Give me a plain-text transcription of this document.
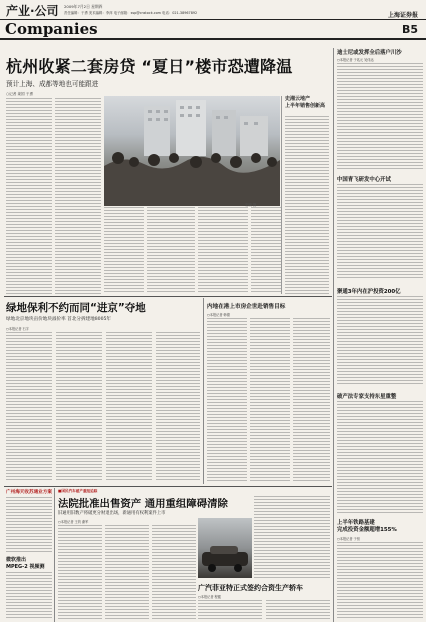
产业·公司 2009年7月2日 星期四
责任编辑：于勇 美术编辑：李萍 电子邮箱：ssp@cnstock.com 电话：021-38967892	上海证券报
Companies	B5
杭州收紧二套房贷 “夏日”楼市恐遭降温
预计上海、成都等地也可能跟进
○记者 姜国 于勇
史晓 摄
史湘云地产
上半年销售创新高
迪士尼或发挥全后落户川沙
○本报记者 于兆元 吴伟达
中国青飞研发中心开试
聚通3年内在沪投资200亿
破产法专家支持东星重整
上半年铁路基建
完成投资金额超增155%
○本报记者 于恒
绿地保利不约而同“进京”夺地
绿地北京地块亩价地块溢价率 首北分拆建地8005年
○本报记者 石宇
内地在港上市房企世赴销售目标
○本报记者 韩德
广州海天收苏通业方案
微软推出
MPEG-2 视频测
■国民汽车破产重组追踪
法院批准出售资产 通用重组障碍清除
旧通用旧数产将破更分财退出场，新通用有权利案件上市
○本报记者 王钧 谢军
广汽菲亚特正式签约合资生产轿车
○本报记者 程健
